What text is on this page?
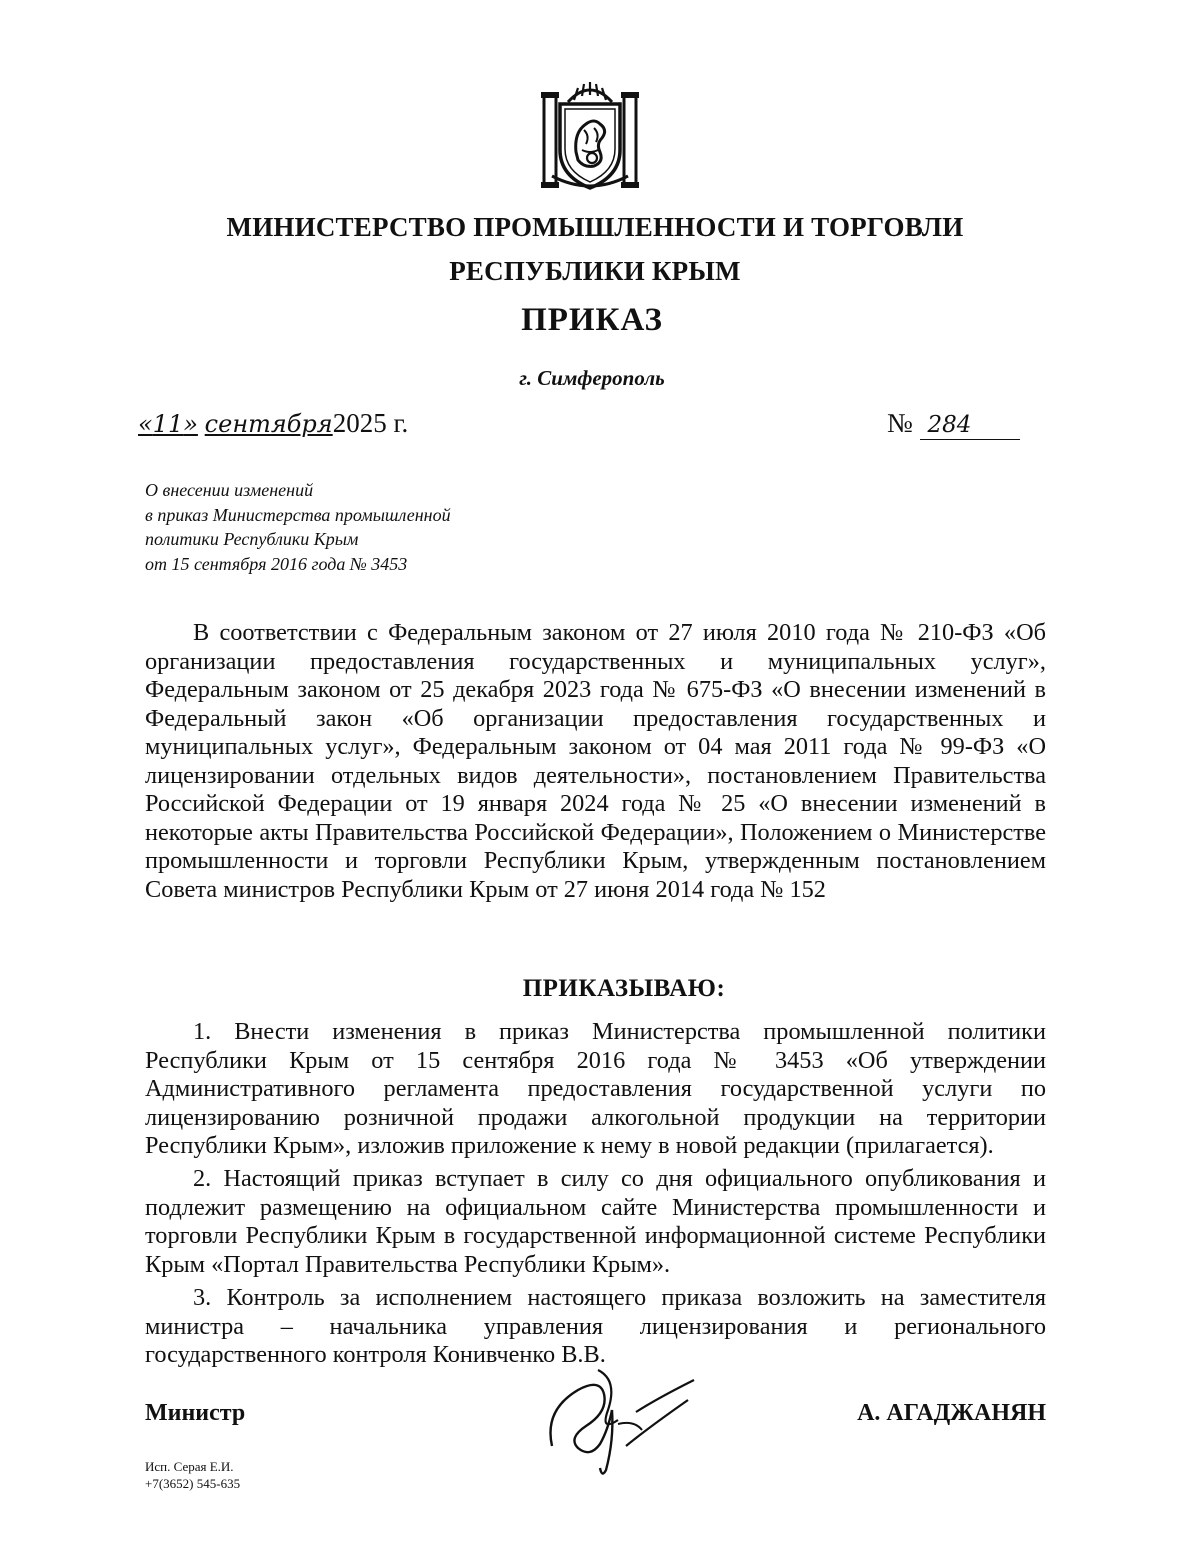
МИНИСТЕРСТВО ПРОМЫШЛЕННОСТИ И ТОРГОВЛИ
РЕСПУБЛИКИ КРЫМ
ПРИКАЗ
г. Симферополь
«11» сентября2025 г.	№ 284
О внесении изменений
в приказ Министерства промышленной
политики Республики Крым
от 15 сентября 2016 года № 3453
В соответствии с Федеральным законом от 27 июля 2010 года № 210-ФЗ «Об организации предоставления государственных и муниципальных услуг», Федеральным законом от 25 декабря 2023 года № 675-ФЗ «О внесении изменений в Федеральный закон «Об организации предоставления государственных и муниципальных услуг», Федеральным законом от 04 мая 2011 года № 99-ФЗ «О лицензировании отдельных видов деятельности», постановлением Правительства Российской Федерации от 19 января 2024 года № 25 «О внесении изменений в некоторые акты Правительства Российской Федерации», Положением о Министерстве промышленности и торговли Республики Крым, утвержденным постановлением Совета министров Республики Крым от 27 июня 2014 года № 152
ПРИКАЗЫВАЮ:
1. Внести изменения в приказ Министерства промышленной политики Республики Крым от 15 сентября 2016 года № 3453 «Об утверждении Административного регламента предоставления государственной услуги по лицензированию розничной продажи алкогольной продукции на территории Республики Крым», изложив приложение к нему в новой редакции (прилагается).
2. Настоящий приказ вступает в силу со дня официального опубликования и подлежит размещению на официальном сайте Министерства промышленности и торговли Республики Крым в государственной информационной системе Республики Крым «Портал Правительства Республики Крым».
3. Контроль за исполнением настоящего приказа возложить на заместителя министра – начальника управления лицензирования и регионального государственного контроля Конивченко В.В.
Министр	А. АГАДЖАНЯН
Исп. Серая Е.И.
+7(3652) 545-635
